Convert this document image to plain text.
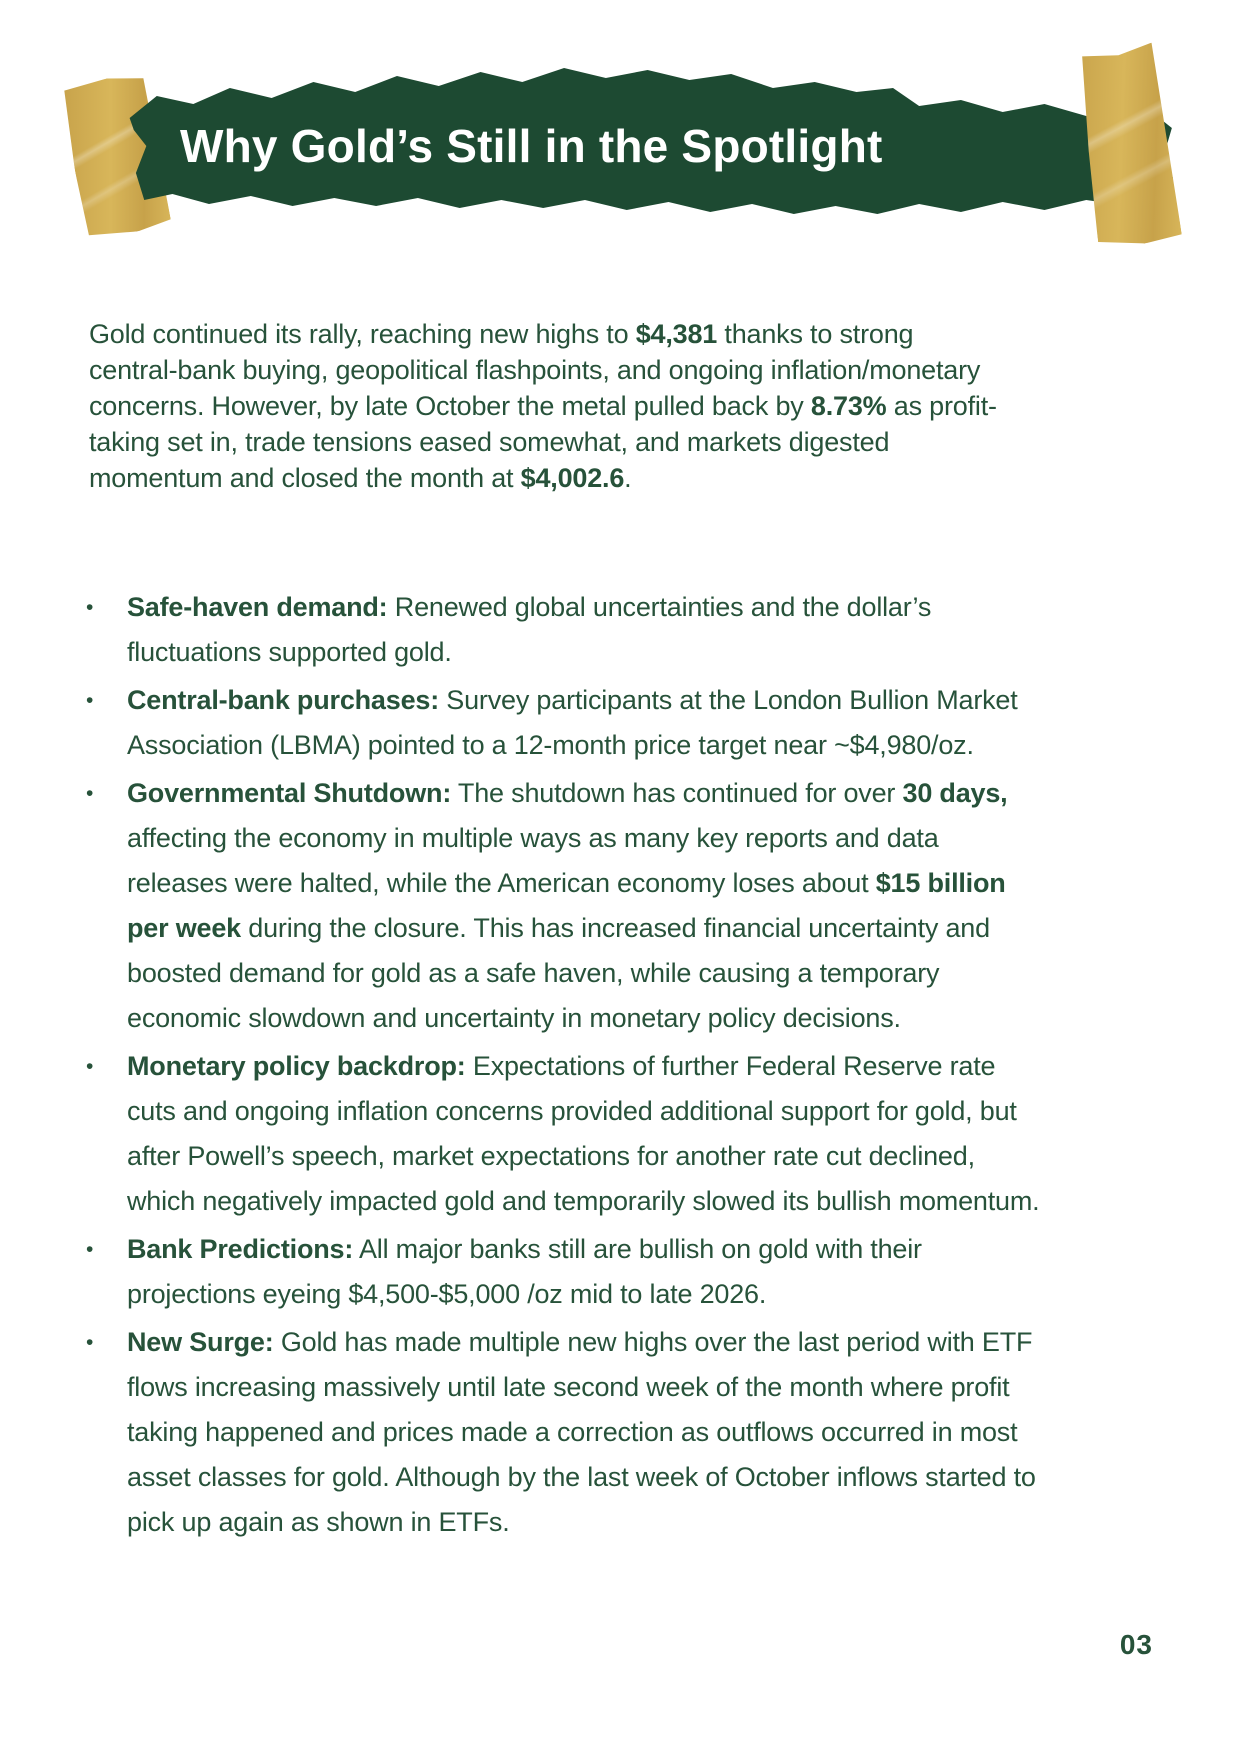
Why Gold’s Still in the Spotlight

Gold continued its rally, reaching new highs to $4,381 thanks to strong central-bank buying, geopolitical flashpoints, and ongoing inflation/monetary concerns. However, by late October the metal pulled back by 8.73% as profit-taking set in, trade tensions eased somewhat, and markets digested momentum and closed the month at $4,002.6.

•	Safe-haven demand: Renewed global uncertainties and the dollar’s fluctuations supported gold.
•	Central-bank purchases: Survey participants at the London Bullion Market Association (LBMA) pointed to a 12-month price target near ~$4,980/oz.
•	Governmental Shutdown: The shutdown has continued for over 30 days, affecting the economy in multiple ways as many key reports and data releases were halted, while the American economy loses about $15 billion per week during the closure. This has increased financial uncertainty and boosted demand for gold as a safe haven, while causing a temporary economic slowdown and uncertainty in monetary policy decisions.
•	Monetary policy backdrop: Expectations of further Federal Reserve rate cuts and ongoing inflation concerns provided additional support for gold, but after Powell’s speech, market expectations for another rate cut declined, which negatively impacted gold and temporarily slowed its bullish momentum.
•	Bank Predictions: All major banks still are bullish on gold with their projections eyeing $4,500-$5,000 /oz mid to late 2026.
•	New Surge: Gold has made multiple new highs over the last period with ETF flows increasing massively until late second week of the month where profit taking happened and prices made a correction as outflows occurred in most asset classes for gold. Although by the last week of October inflows started to pick up again as shown in ETFs.
03
